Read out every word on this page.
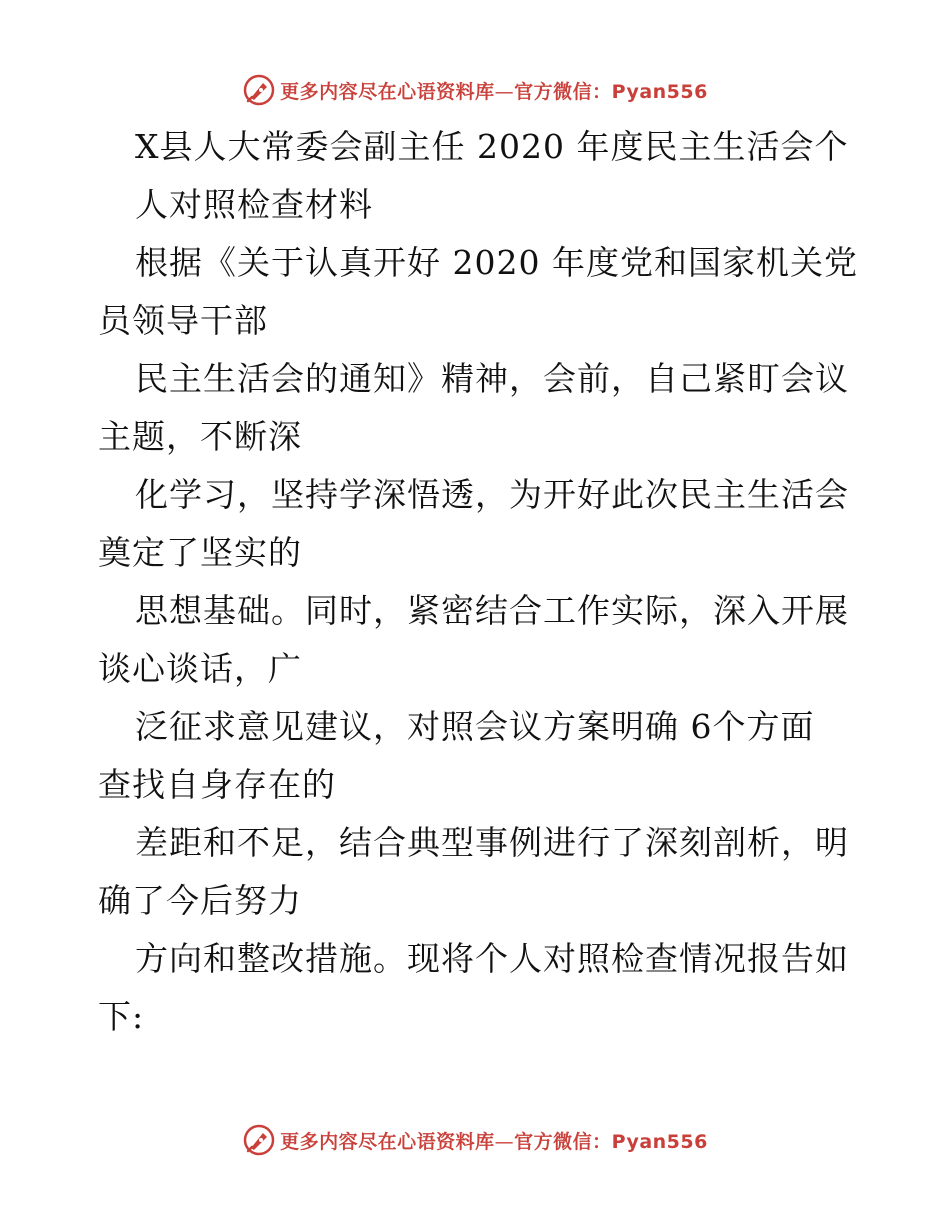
更多内容尽在心语资料库—官方微信：Pyan556
X县人大常委会副主任 2020 年度民主生活会个
人对照检查材料
根据《关于认真开好 2020 年度党和国家机关党
员领导干部
民主生活会的通知》精神，会前，自己紧盯会议
主题，不断深
化学习，坚持学深悟透，为开好此次民主生活会
奠定了坚实的
思想基础。同时，紧密结合工作实际，深入开展
谈心谈话，广
泛征求意见建议，对照会议方案明确 6个方面
查找自身存在的
差距和不足，结合典型事例进行了深刻剖析，明
确了今后努力
方向和整改措施。现将个人对照检查情况报告如
下:
更多内容尽在心语资料库—官方微信：Pyan556
